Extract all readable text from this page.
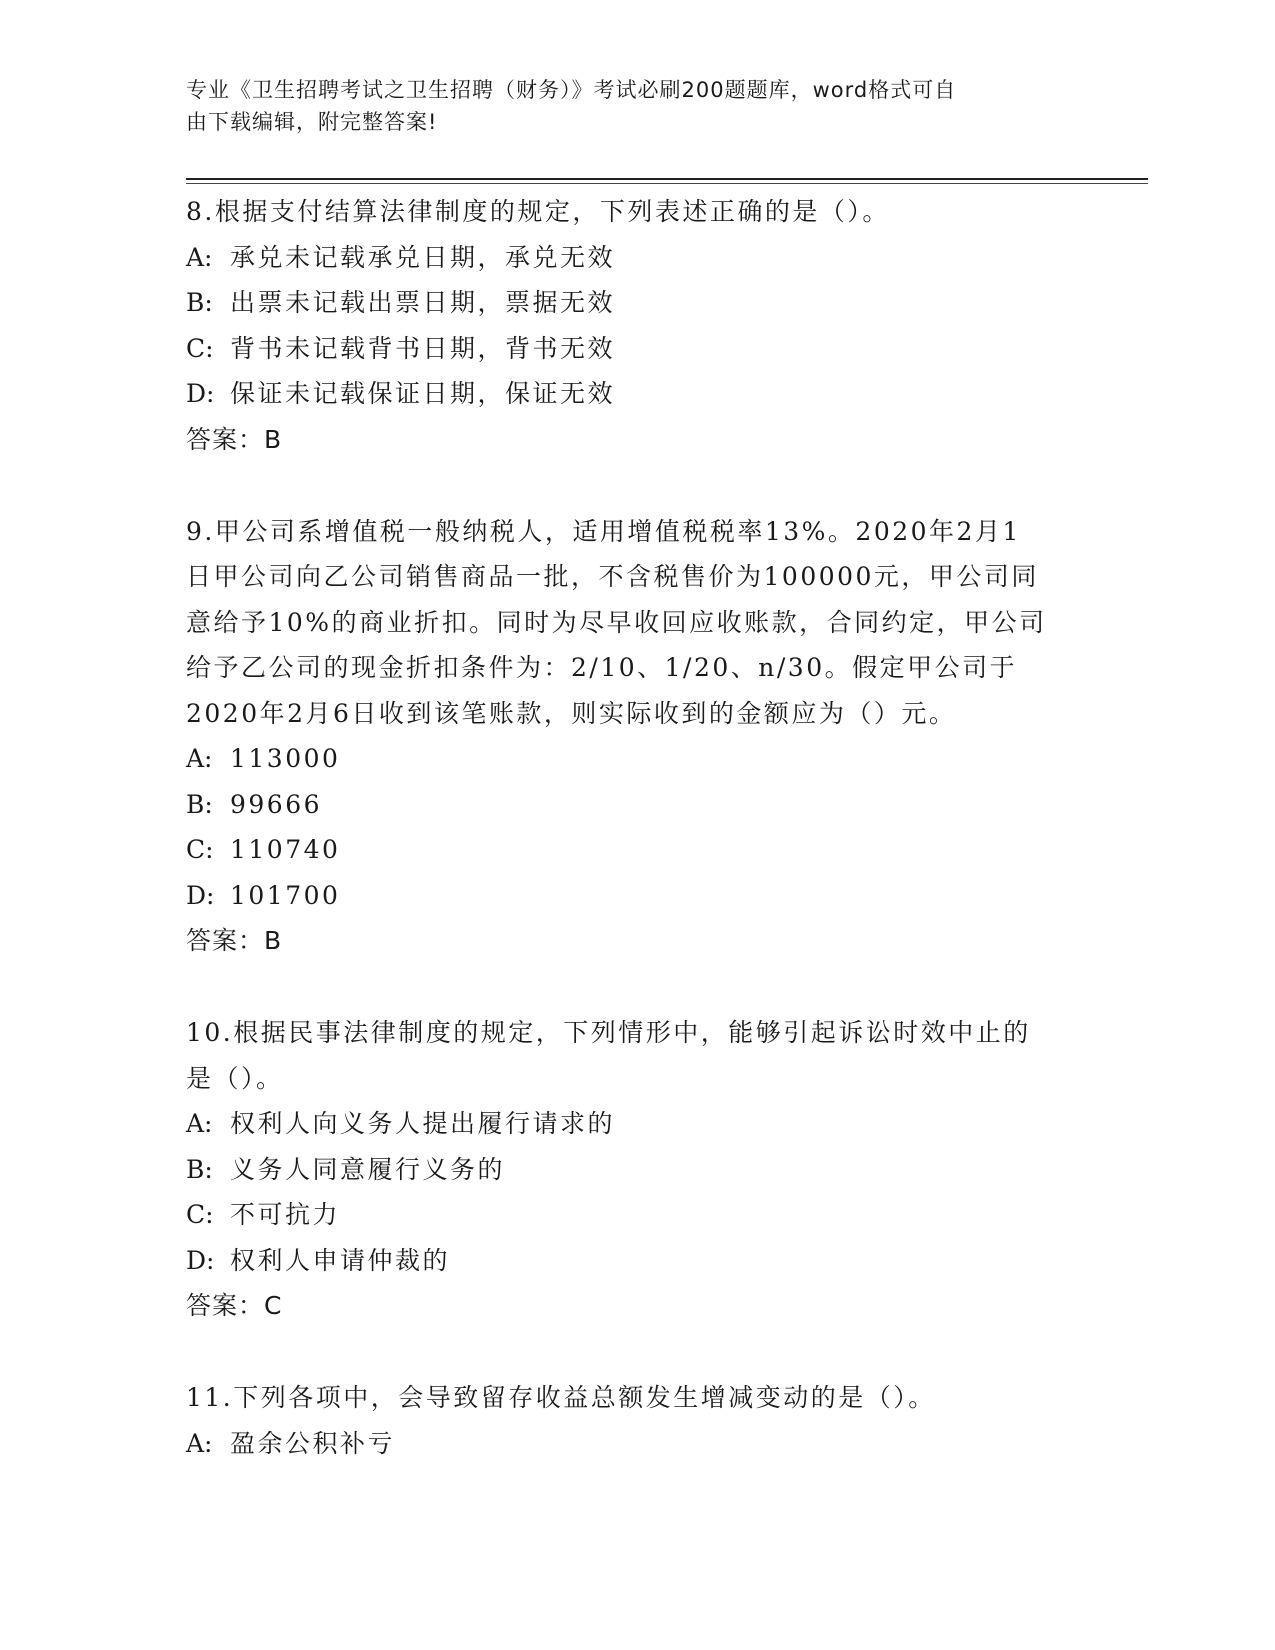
专业《卫生招聘考试之卫生招聘（财务）》考试必刷200题题库，word格式可自
由下载编辑，附完整答案!

8.根据支付结算法律制度的规定，下列表述正确的是（）。

A: 承兑未记载承兑日期，承兑无效

B: 出票未记载出票日期，票据无效

C: 背书未记载背书日期，背书无效

D: 保证未记载保证日期，保证无效

答案：B

9.甲公司系增值税一般纳税人，适用增值税税率13%。2020年2月1

日甲公司向乙公司销售商品一批，不含税售价为100000元，甲公司同

意给予10%的商业折扣。同时为尽早收回应收账款，合同约定，甲公司

给予乙公司的现金折扣条件为：2/10、1/20、n/30。假定甲公司于

2020年2月6日收到该笔账款，则实际收到的金额应为（）元。

A: 113000

B: 99666

C: 110740

D: 101700

答案：B

10.根据民事法律制度的规定，下列情形中，能够引起诉讼时效中止的

是（）。

A: 权利人向义务人提出履行请求的

B: 义务人同意履行义务的

C: 不可抗力

D: 权利人申请仲裁的

答案：C

11.下列各项中，会导致留存收益总额发生增减变动的是（）。

A: 盈余公积补亏
